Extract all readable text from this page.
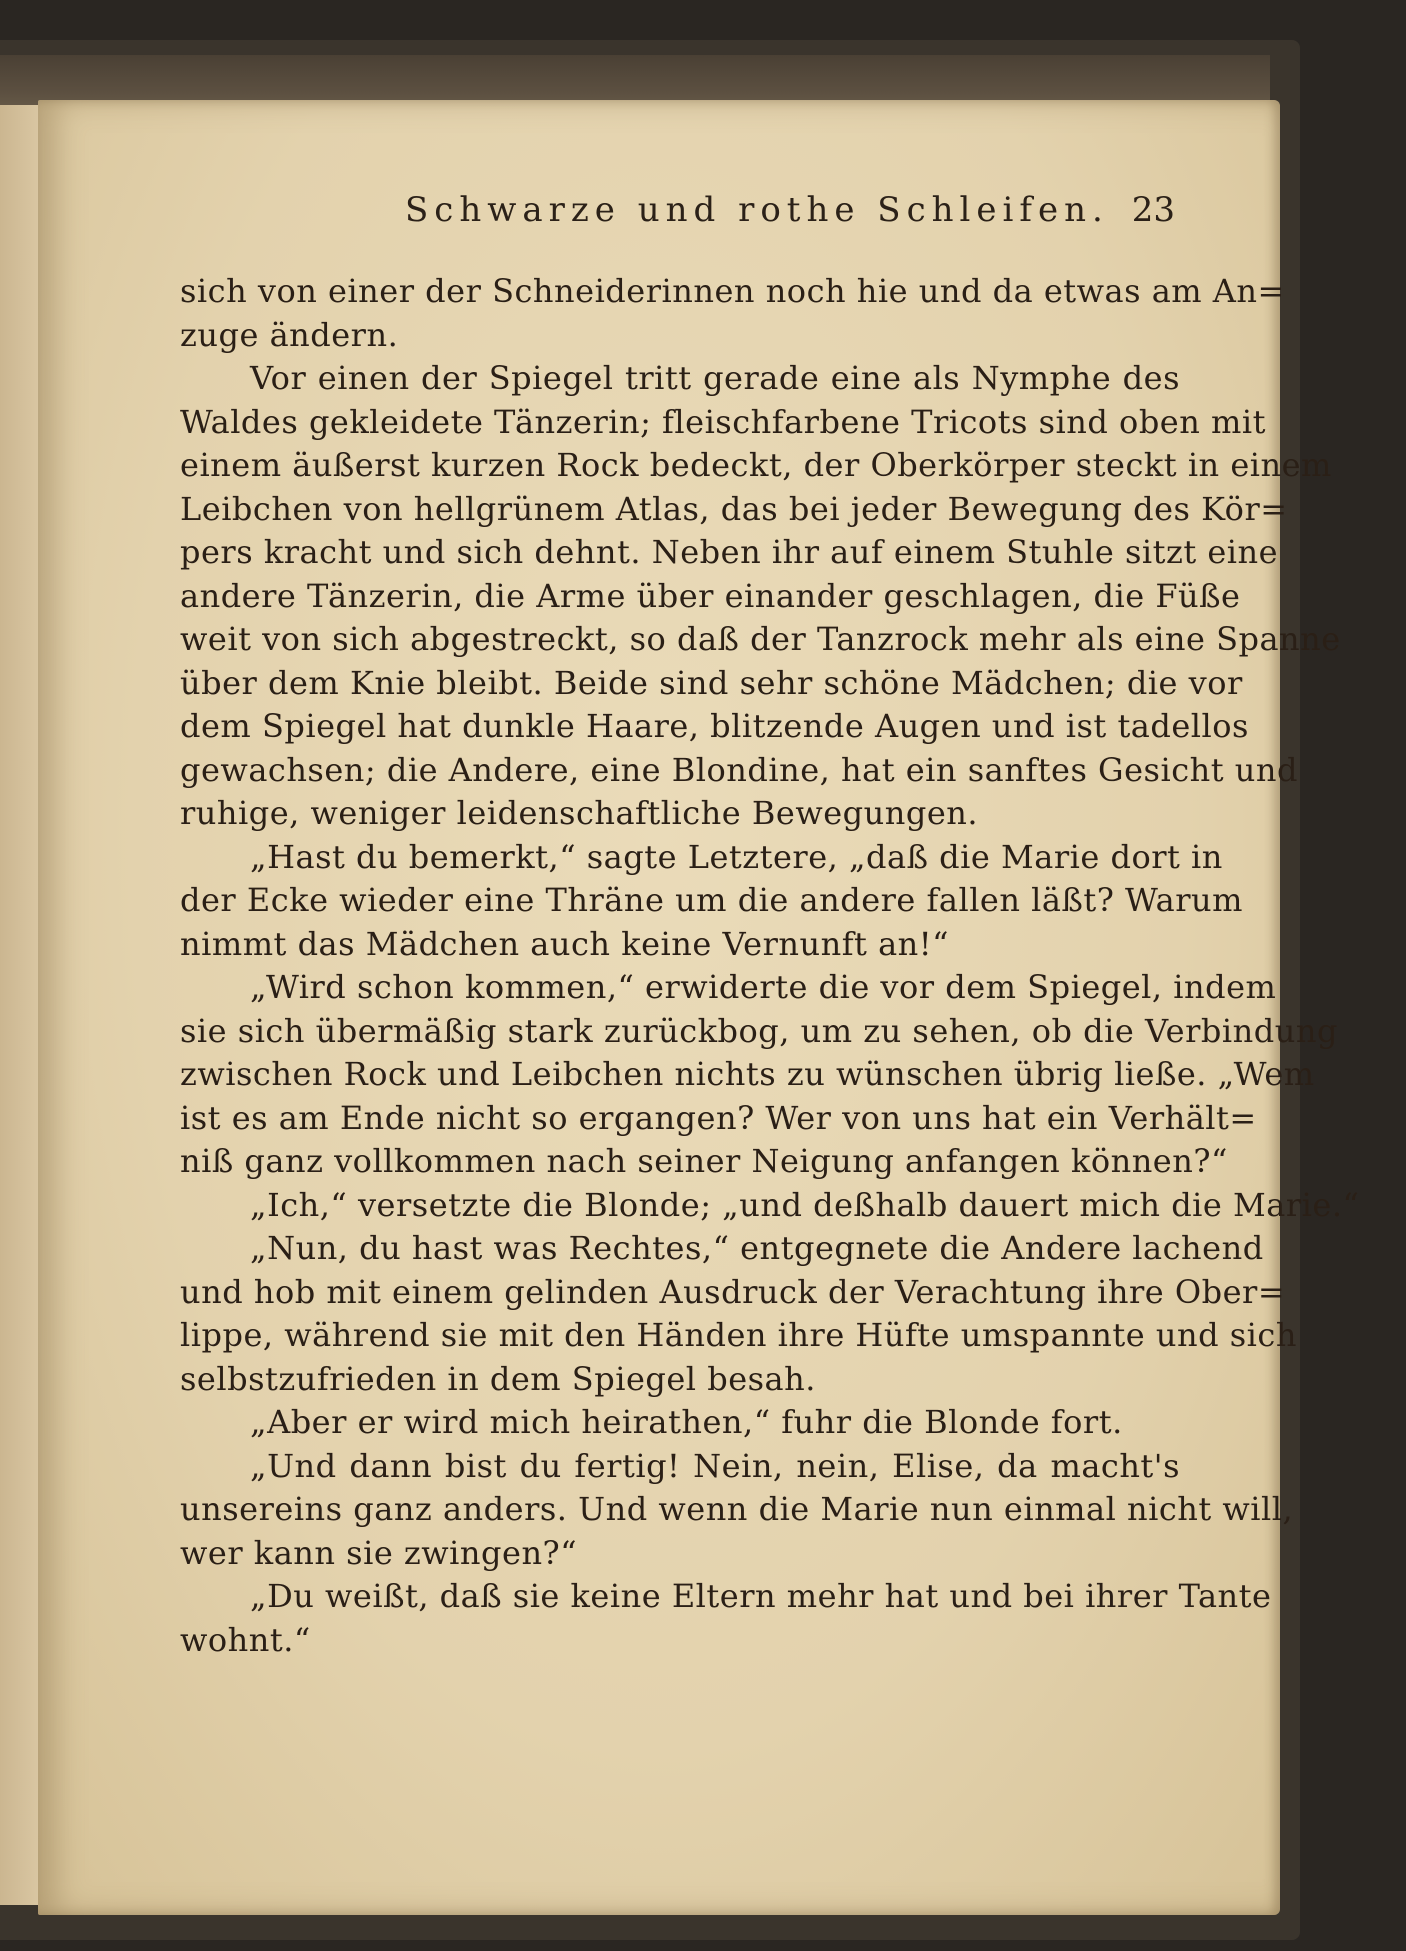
Schwarze und rothe Schleifen. 23
sich von einer der Schneiderinnen noch hie und da etwas am An=
zuge ändern.
Vor einen der Spiegel tritt gerade eine als Nymphe des
Waldes gekleidete Tänzerin; fleischfarbene Tricots sind oben mit
einem äußerst kurzen Rock bedeckt, der Oberkörper steckt in einem
Leibchen von hellgrünem Atlas, das bei jeder Bewegung des Kör=
pers kracht und sich dehnt. Neben ihr auf einem Stuhle sitzt eine
andere Tänzerin, die Arme über einander geschlagen, die Füße
weit von sich abgestreckt, so daß der Tanzrock mehr als eine Spanne
über dem Knie bleibt. Beide sind sehr schöne Mädchen; die vor
dem Spiegel hat dunkle Haare, blitzende Augen und ist tadellos
gewachsen; die Andere, eine Blondine, hat ein sanftes Gesicht und
ruhige, weniger leidenschaftliche Bewegungen.
„Hast du bemerkt,“ sagte Letztere, „daß die Marie dort in
der Ecke wieder eine Thräne um die andere fallen läßt? Warum
nimmt das Mädchen auch keine Vernunft an!“
„Wird schon kommen,“ erwiderte die vor dem Spiegel, indem
sie sich übermäßig stark zurückbog, um zu sehen, ob die Verbindung
zwischen Rock und Leibchen nichts zu wünschen übrig ließe. „Wem
ist es am Ende nicht so ergangen? Wer von uns hat ein Verhält=
niß ganz vollkommen nach seiner Neigung anfangen können?“
„Ich,“ versetzte die Blonde; „und deßhalb dauert mich die Marie.“
„Nun, du hast was Rechtes,“ entgegnete die Andere lachend
und hob mit einem gelinden Ausdruck der Verachtung ihre Ober=
lippe, während sie mit den Händen ihre Hüfte umspannte und sich
selbstzufrieden in dem Spiegel besah.
„Aber er wird mich heirathen,“ fuhr die Blonde fort.
„Und dann bist du fertig! Nein, nein, Elise, da macht's
unsereins ganz anders. Und wenn die Marie nun einmal nicht will,
wer kann sie zwingen?“
„Du weißt, daß sie keine Eltern mehr hat und bei ihrer Tante
wohnt.“
